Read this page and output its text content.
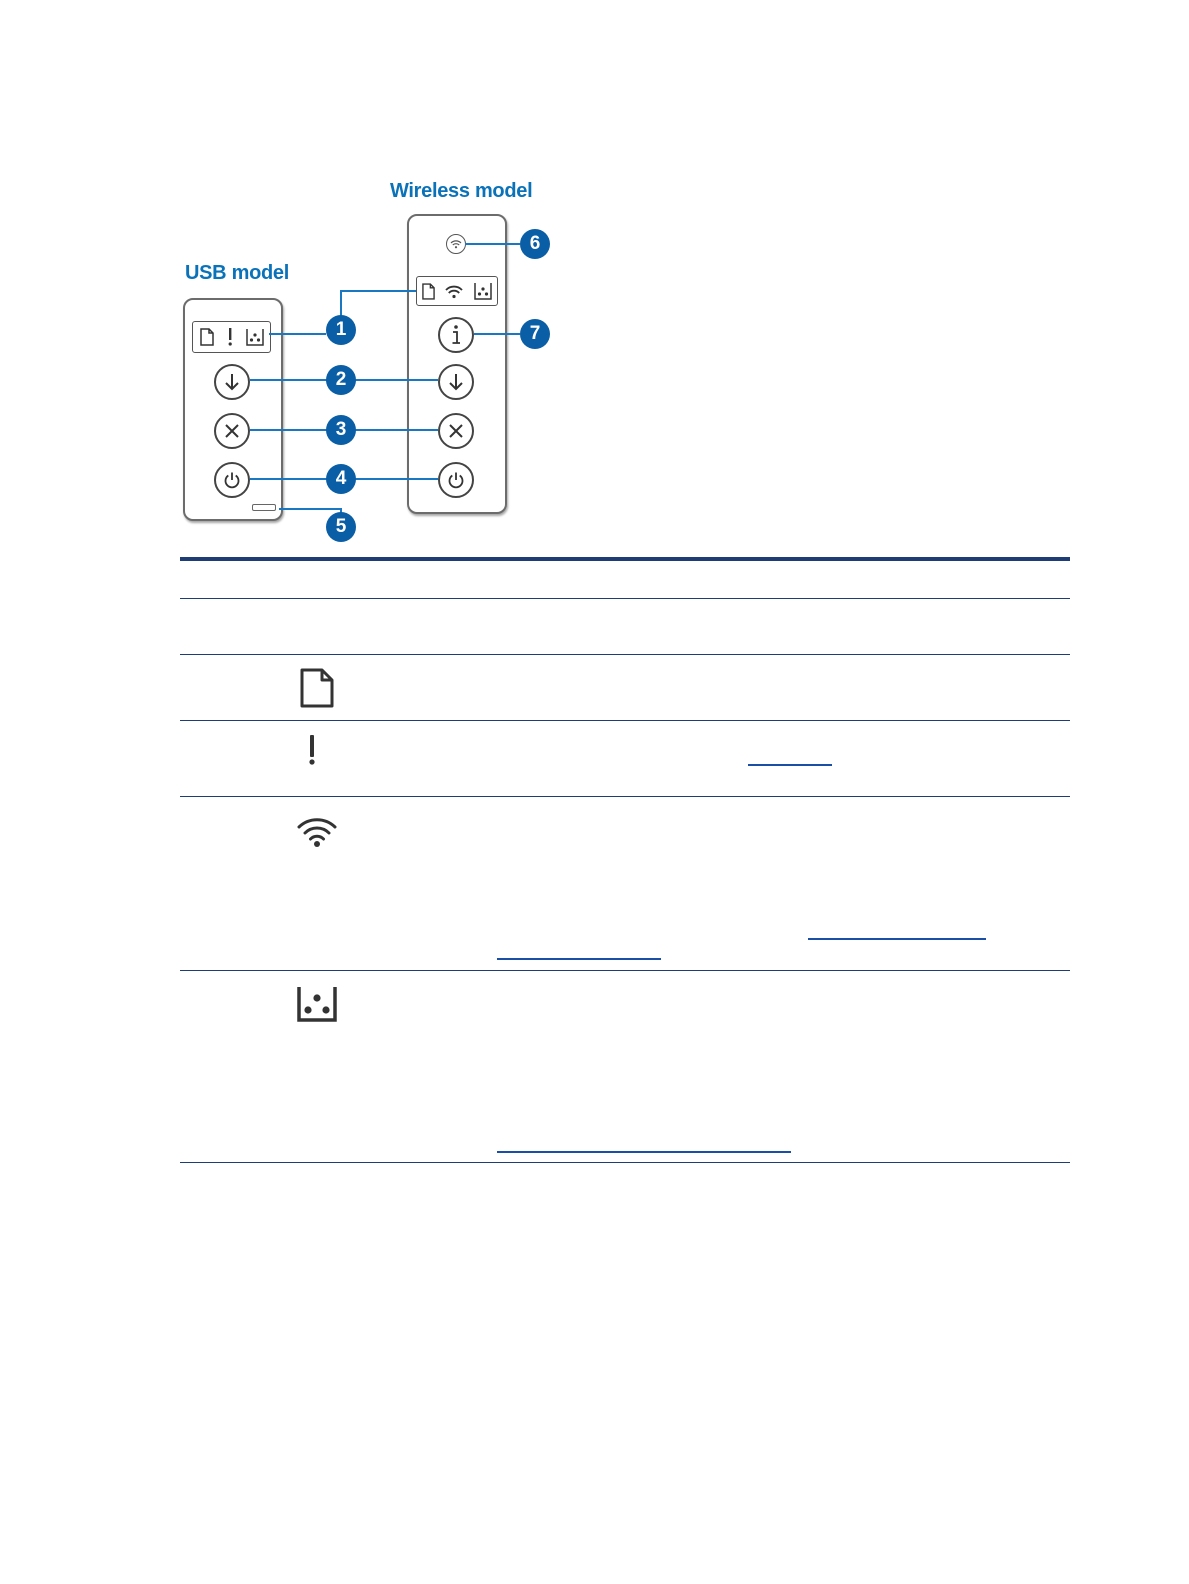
Wireless model
USB model
1
2
3
4
5
6
7
